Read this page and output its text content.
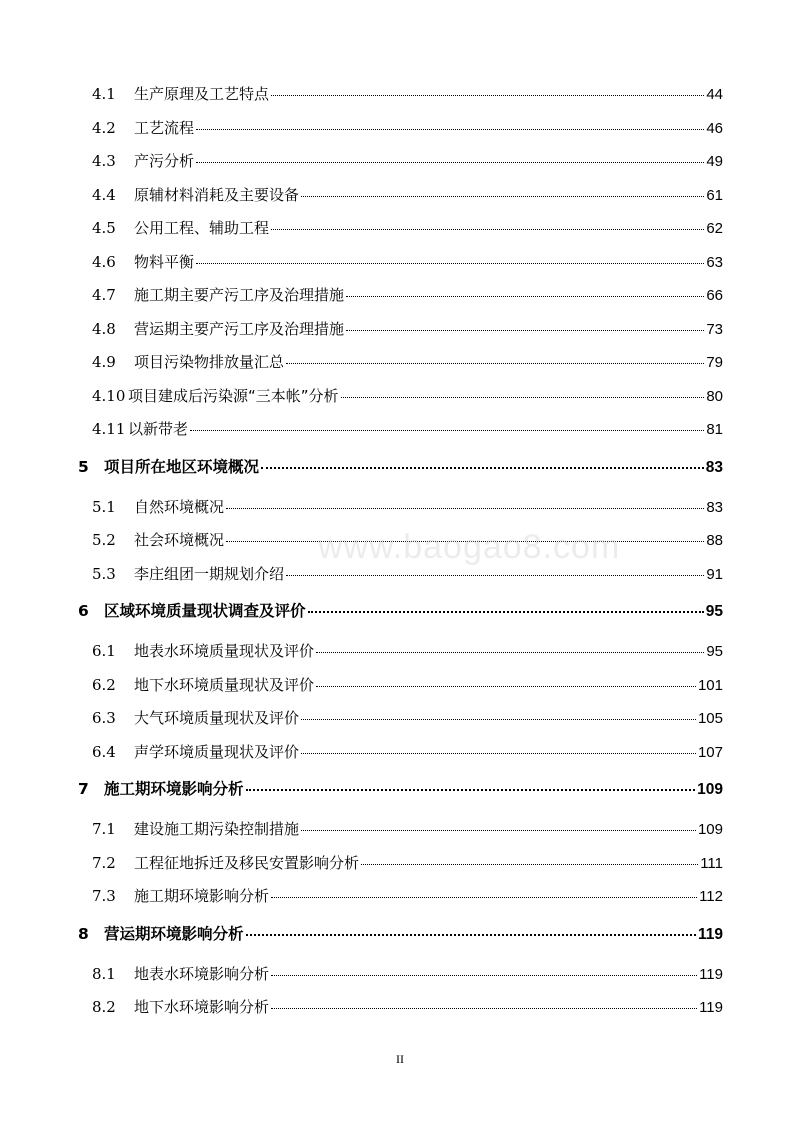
4.1	生产原理及工艺特点	44
4.2	工艺流程	46
4.3	产污分析	49
4.4	原辅材料消耗及主要设备	61
4.5	公用工程、辅助工程	62
4.6	物料平衡	63
4.7	施工期主要产污工序及治理措施	66
4.8	营运期主要产污工序及治理措施	73
4.9	项目污染物排放量汇总	79
4.10 项目建成后污染源“三本帐”分析	80
4.11 以新带老	81
5 项目所在地区环境概况	83
5.1	自然环境概况	83
5.2	社会环境概况	88
5.3	李庄组团一期规划介绍	91
6 区域环境质量现状调查及评价	95
6.1	地表水环境质量现状及评价	95
6.2	地下水环境质量现状及评价	101
6.3	大气环境质量现状及评价	105
6.4	声学环境质量现状及评价	107
7 施工期环境影响分析	109
7.1	建设施工期污染控制措施	109
7.2	工程征地拆迁及移民安置影响分析	111
7.3	施工期环境影响分析	112
8 营运期环境影响分析	119
8.1	地表水环境影响分析	119
8.2	地下水环境影响分析	119
www.baogao8.com
II
